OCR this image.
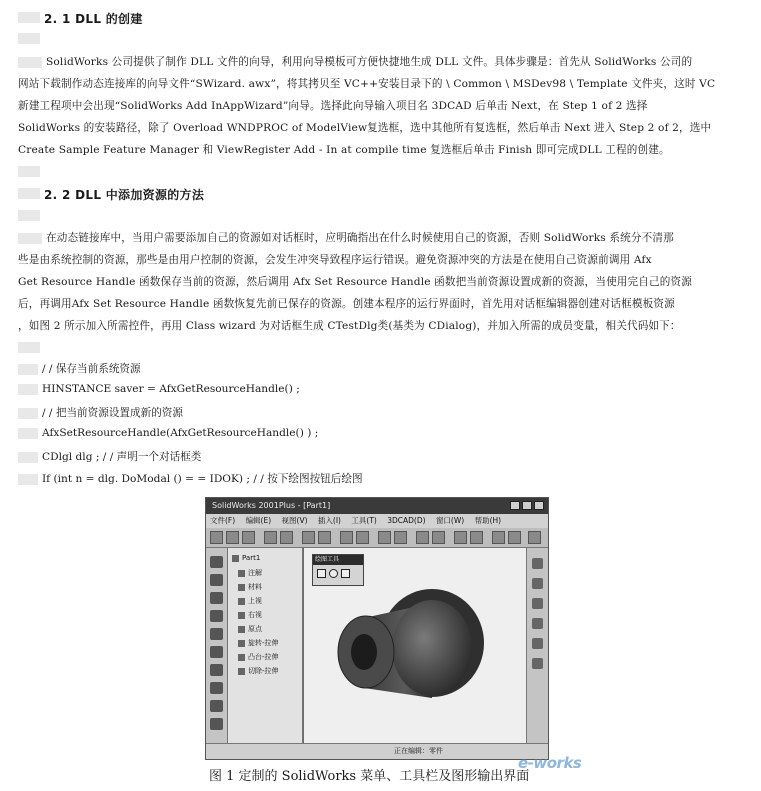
2. 1 DLL 的创建
SolidWorks 公司提供了制作 DLL 文件的向导，利用向导模板可方便快捷地生成 DLL 文件。具体步骤是：首先从 SolidWorks 公司的
网站下载制作动态连接库的向导文件“SWizard. awx”，将其拷贝至 VC++安装目录下的 \ Common \ MSDev98 \ Template 文件夹，这时 VC
新建工程项中会出现“SolidWorks Add InAppWizard”向导。选择此向导输入项目名 3DCAD 后单击 Next，在 Step 1 of 2 选择
SolidWorks 的安装路径，除了 Overload WNDPROC of ModelView复选框，选中其他所有复选框，然后单击 Next 进入 Step 2 of 2，选中
Create Sample Feature Manager 和 ViewRegister Add - In at compile time 复选框后单击 Finish 即可完成DLL 工程的创建。
2. 2 DLL 中添加资源的方法
在动态链接库中，当用户需要添加自己的资源如对话框时，应明确指出在什么时候使用自己的资源，否则 SolidWorks 系统分不清那
些是由系统控制的资源，那些是由用户控制的资源，会发生冲突导致程序运行错误。避免资源冲突的方法是在使用自己资源前调用 Afx
Get Resource Handle 函数保存当前的资源，然后调用 Afx Set Resource Handle 函数把当前资源设置成新的资源，当使用完自己的资源
后，再调用Afx Set Resource Handle 函数恢复先前已保存的资源。创建本程序的运行界面时，首先用对话框编辑器创建对话框模板资源
，如图 2 所示加入所需控件，再用 Class wizard 为对话框生成 CTestDlg类(基类为 CDialog)，并加入所需的成员变量，相关代码如下：
/ / 保存当前系统资源
HINSTANCE saver = AfxGetResourceHandle() ;
/ / 把当前资源设置成新的资源
AfxSetResourceHandle(AfxGetResourceHandle() ) ;
CDlgl dlg ; / / 声明一个对话框类
If (int n = dlg. DoModal () = = IDOK) ; / / 按下绘图按钮后绘图
SolidWorks 2001Plus - [Part1]
文件(F) 编辑(E) 视图(V) 插入(I) 工具(T) 3DCAD(D) 窗口(W) 帮助(H)
Part1
注解
材料
上视
右视
原点
旋转-拉伸
凸台-拉伸
切除-拉伸
绘图工具
正在编辑：零件
图 1 定制的 SolidWorks 菜单、工具栏及图形输出界面
e-works
